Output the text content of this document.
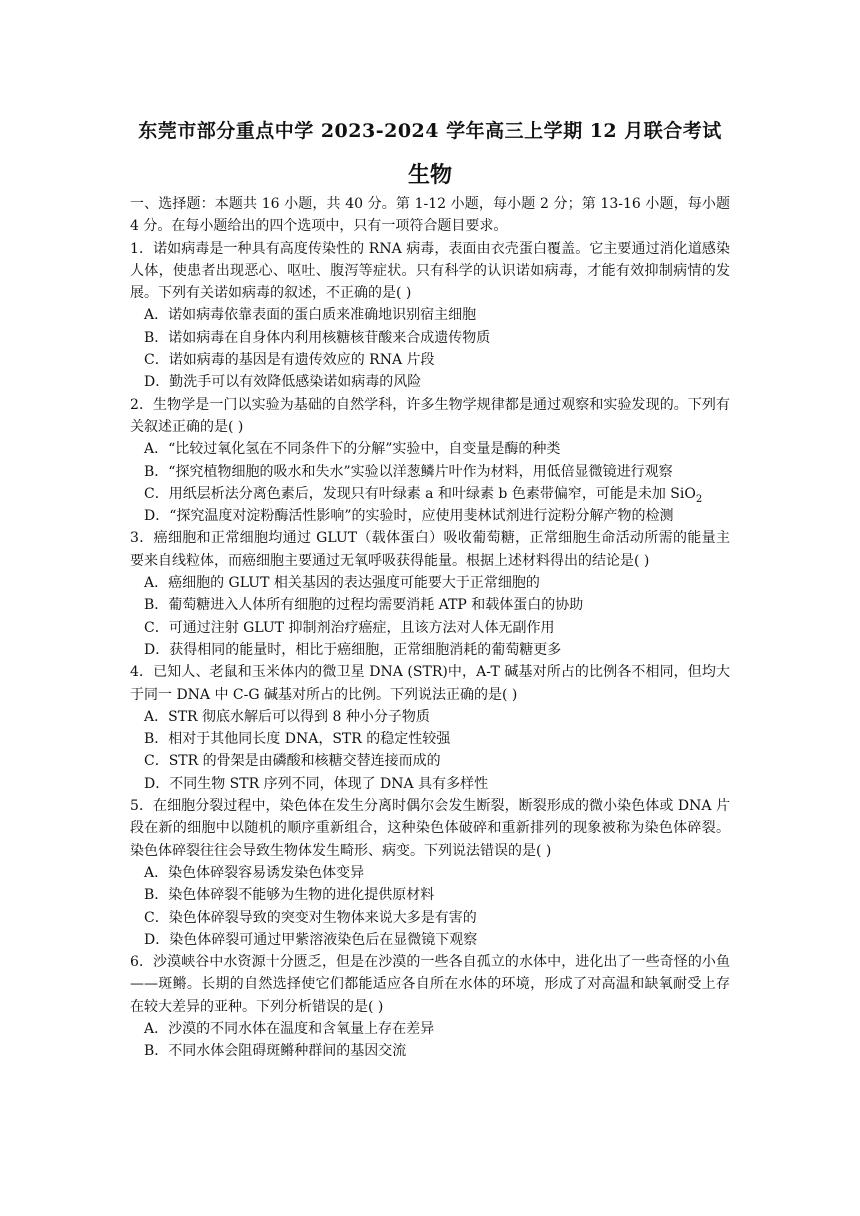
东莞市部分重点中学 2023-2024 学年高三上学期 12 月联合考试
生物

一、选择题：本题共 16 小题，共 40 分。第 1-12 小题，每小题 2 分；第 13-16 小题，每小题 4 分。在每小题给出的四个选项中，只有一项符合题目要求。

1．诺如病毒是一种具有高度传染性的 RNA 病毒，表面由衣壳蛋白覆盖。它主要通过消化道感染人体，使患者出现恶心、呕吐、腹泻等症状。只有科学的认识诺如病毒，才能有效抑制病情的发展。下列有关诺如病毒的叙述，不正确的是( )

A．诺如病毒依靠表面的蛋白质来准确地识别宿主细胞

B．诺如病毒在自身体内利用核糖核苷酸来合成遗传物质

C．诺如病毒的基因是有遗传效应的 RNA 片段

D．勤洗手可以有效降低感染诺如病毒的风险

2．生物学是一门以实验为基础的自然学科，许多生物学规律都是通过观察和实验发现的。下列有关叙述正确的是( )

A．“比较过氧化氢在不同条件下的分解”实验中，自变量是酶的种类

B．“探究植物细胞的吸水和失水”实验以洋葱鳞片叶作为材料，用低倍显微镜进行观察

C．用纸层析法分离色素后，发现只有叶绿素 a 和叶绿素 b 色素带偏窄，可能是未加 SiO$_2$

D．“探究温度对淀粉酶活性影响”的实验时，应使用斐林试剂进行淀粉分解产物的检测

3．癌细胞和正常细胞均通过 GLUT（载体蛋白）吸收葡萄糖，正常细胞生命活动所需的能量主要来自线粒体，而癌细胞主要通过无氧呼吸获得能量。根据上述材料得出的结论是( )

A．癌细胞的 GLUT 相关基因的表达强度可能要大于正常细胞的

B．葡萄糖进入人体所有细胞的过程均需要消耗 ATP 和载体蛋白的协助

C．可通过注射 GLUT 抑制剂治疗癌症，且该方法对人体无副作用

D．获得相同的能量时，相比于癌细胞，正常细胞消耗的葡萄糖更多

4．已知人、老鼠和玉米体内的微卫星 DNA (STR)中，A-T 碱基对所占的比例各不相同，但均大于同一 DNA 中 C-G 碱基对所占的比例。下列说法正确的是( )

A．STR 彻底水解后可以得到 8 种小分子物质

B．相对于其他同长度 DNA，STR 的稳定性较强

C．STR 的骨架是由磷酸和核糖交替连接而成的

D．不同生物 STR 序列不同，体现了 DNA 具有多样性

5．在细胞分裂过程中，染色体在发生分离时偶尔会发生断裂，断裂形成的微小染色体或 DNA 片段在新的细胞中以随机的顺序重新组合，这种染色体破碎和重新排列的现象被称为染色体碎裂。染色体碎裂往往会导致生物体发生畸形、病变。下列说法错误的是( )

A．染色体碎裂容易诱发染色体变异

B．染色体碎裂不能够为生物的进化提供原材料

C．染色体碎裂导致的突变对生物体来说大多是有害的

D．染色体碎裂可通过甲紫溶液染色后在显微镜下观察

6．沙漠峡谷中水资源十分匮乏，但是在沙漠的一些各自孤立的水体中，进化出了一些奇怪的小鱼——斑鳉。长期的自然选择使它们都能适应各自所在水体的环境，形成了对高温和缺氧耐受上存在较大差异的亚种。下列分析错误的是( )

A．沙漠的不同水体在温度和含氧量上存在差异

B．不同水体会阻碍斑鳉种群间的基因交流
